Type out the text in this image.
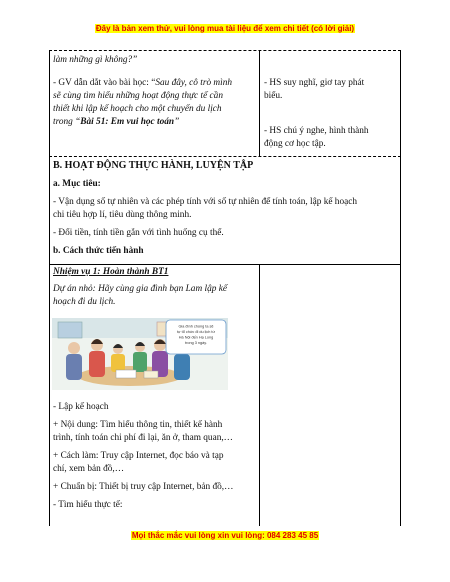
Đây là bản xem thử, vui lòng mua tài liệu để xem chi tiết (có lời giải)
làm những gì không?”
- GV dẫn dắt vào bài học: “Sau đây, cô trò mình
sẽ cùng tìm hiểu những hoạt động thực tế cần
thiết khi lập kế hoạch cho một chuyến du lịch
trong “Bài 51: Em vui học toán”
- HS suy nghĩ, giơ tay phát
biểu.
- HS chú ý nghe, hình thành
động cơ học tập.
B. HOẠT ĐỘNG THỰC HÀNH, LUYỆN TẬP
a. Mục tiêu:
- Vận dụng số tự nhiên và các phép tính với số tự nhiên để tính toán, lập kế hoạch
chi tiêu hợp lí, tiêu dùng thông minh.
- Đổi tiền, tính tiền gắn với tình huống cụ thể.
b. Cách thức tiến hành
Nhiệm vụ 1: Hoàn thành BT1
Dự án nhỏ: Hãy cùng gia đình bạn Lam lập kế
hoạch đi du lịch.
Gia đình chúng ta sẽ
tự tổ chức đi du lịch từ
Hà Nội đến Hạ Long
trong 3 ngày.
- Lập kế hoạch
+ Nội dung: Tìm hiểu thông tin, thiết kế hành
trình, tính toán chi phí đi lại, ăn ở, tham quan,…
+ Cách làm: Truy cập Internet, đọc báo và tạp
chí, xem bản đồ,…
+ Chuẩn bị: Thiết bị truy cập Internet, bản đồ,…
- Tìm hiểu thực tế:
Mọi thắc mắc vui lòng xin vui lòng: 084 283 45 85
